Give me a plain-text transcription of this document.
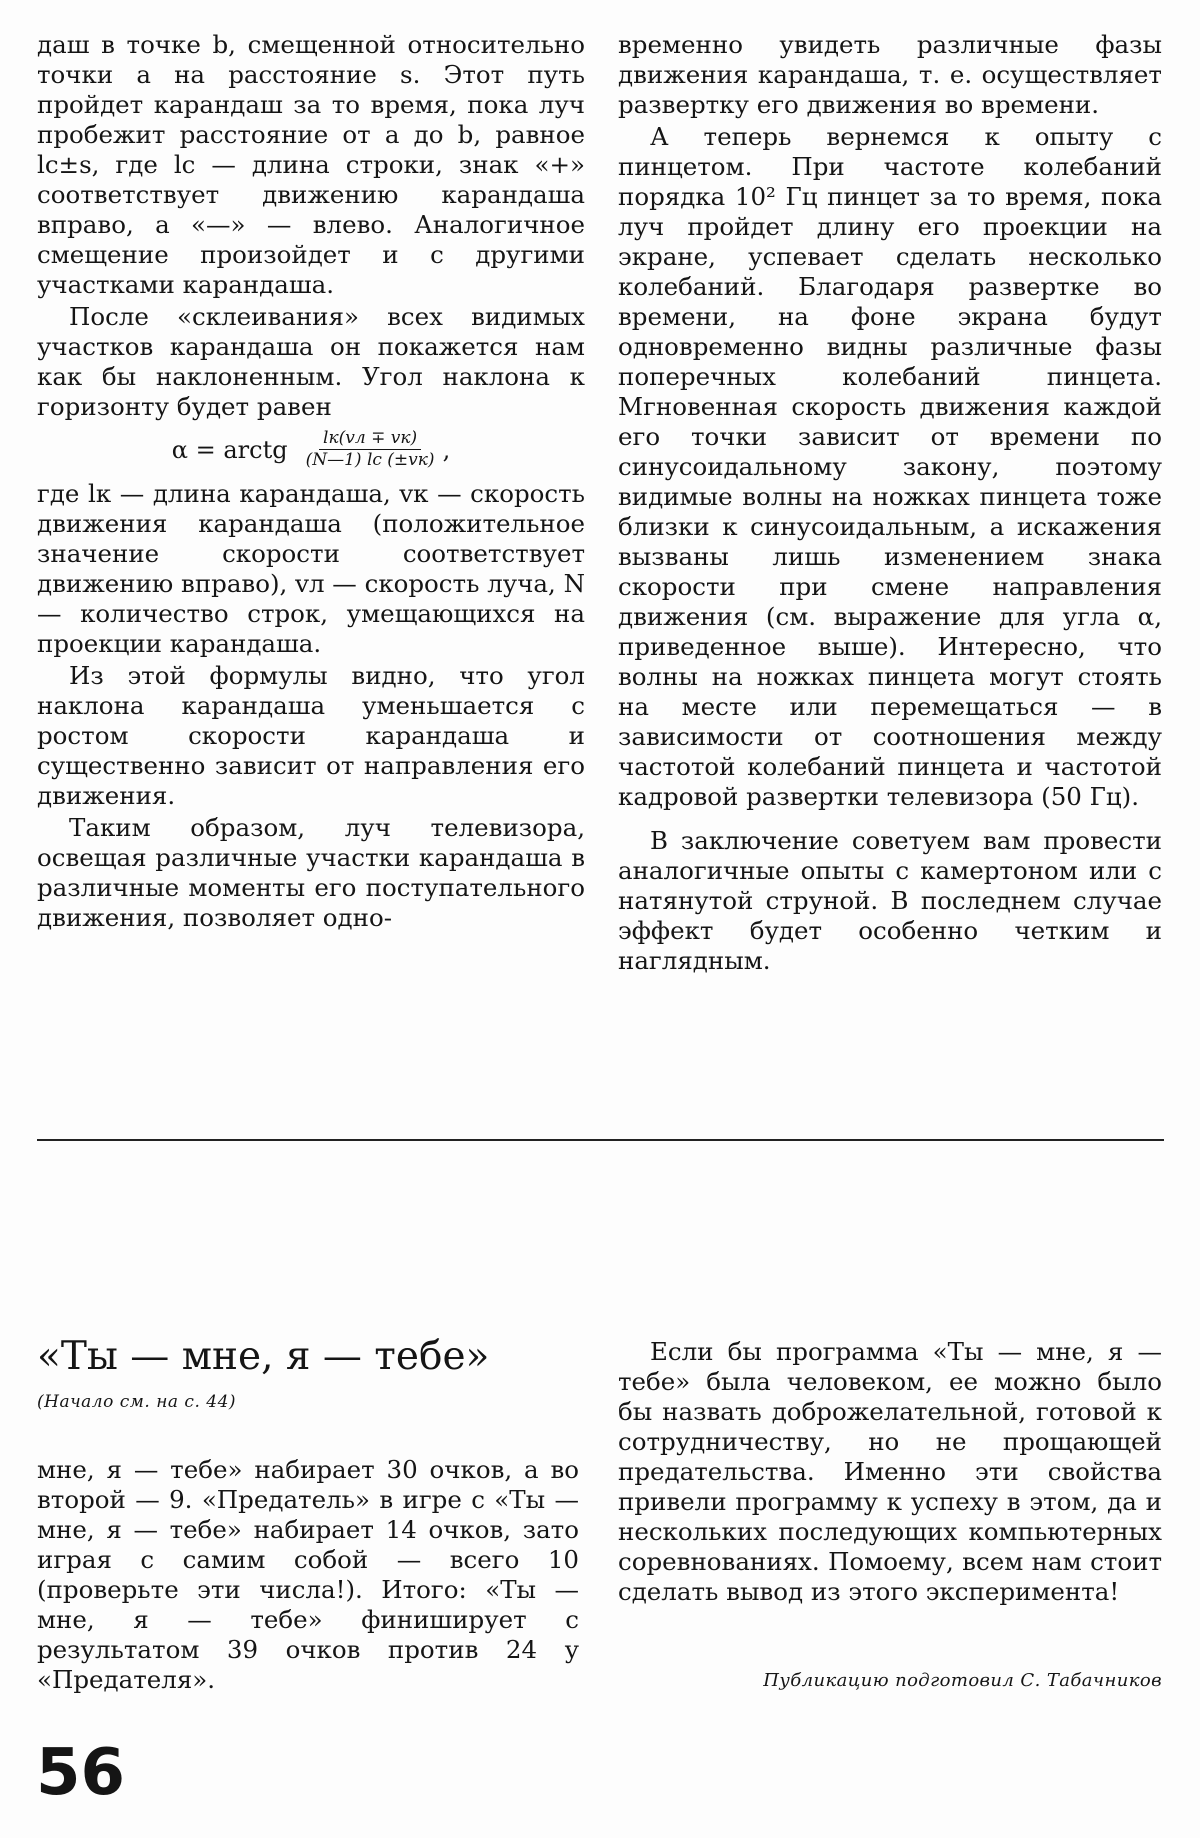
даш в точке b, смещенной относительно точки a на расстояние s. Этот путь пройдет карандаш за то время, пока луч пробежит расстояние от a до b, равное lc±s, где lc — длина строки, знак «+» соответствует движению карандаша вправо, а «—» — влево. Аналогичное смещение произойдет и с другими участками карандаша.

После «склеивания» всех видимых участков карандаша он покажется нам как бы наклоненным. Угол наклона к горизонту будет равен

α = arctg $\frac{lк(vл \mp vк)}{(N—1) lc (\pm vк)}$ ,

где lк — длина карандаша, vк — скорость движения карандаша (положительное значение скорости соответствует движению вправо), vл — скорость луча, N — количество строк, умещающихся на проекции карандаша.

Из этой формулы видно, что угол наклона карандаша уменьшается с ростом скорости карандаша и существенно зависит от направления его движения.

Таким образом, луч телевизора, освещая различные участки карандаша в различные моменты его поступательного движения, позволяет одно-

временно увидеть различные фазы движения карандаша, т. е. осуществляет развертку его движения во времени.

А теперь вернемся к опыту с пинцетом. При частоте колебаний порядка 10² Гц пинцет за то время, пока луч пройдет длину его проекции на экране, успевает сделать несколько колебаний. Благодаря развертке во времени, на фоне экрана будут одновременно видны различные фазы поперечных колебаний пинцета. Мгновенная скорость движения каждой его точки зависит от времени по синусоидальному закону, поэтому видимые волны на ножках пинцета тоже близки к синусоидальным, а искажения вызваны лишь изменением знака скорости при смене направления движения (см. выражение для угла α, приведенное выше). Интересно, что волны на ножках пинцета могут стоять на месте или перемещаться — в зависимости от соотношения между частотой колебаний пинцета и частотой кадровой развертки телевизора (50 Гц).

В заключение советуем вам провести аналогичные опыты с камертоном или с натянутой струной. В последнем случае эффект будет особенно четким и наглядным.

«Ты — мне, я — тебе»
(Начало см. на с. 44)

мне, я — тебе» набирает 30 очков, а во второй — 9. «Предатель» в игре с «Ты — мне, я — тебе» набирает 14 очков, зато играя с самим собой — всего 10 (проверьте эти числа!). Итого: «Ты — мне, я — тебе» финиширует с результатом 39 очков против 24 у «Предателя».

Если бы программа «Ты — мне, я — тебе» была человеком, ее можно было бы назвать доброжелательной, готовой к сотрудничеству, но не прощающей предательства. Именно эти свойства привели программу к успеху в этом, да и нескольких последующих компьютерных соревнованиях. Помоему, всем нам стоит сделать вывод из этого эксперимента!

Публикацию подготовил С. Табачников
56
